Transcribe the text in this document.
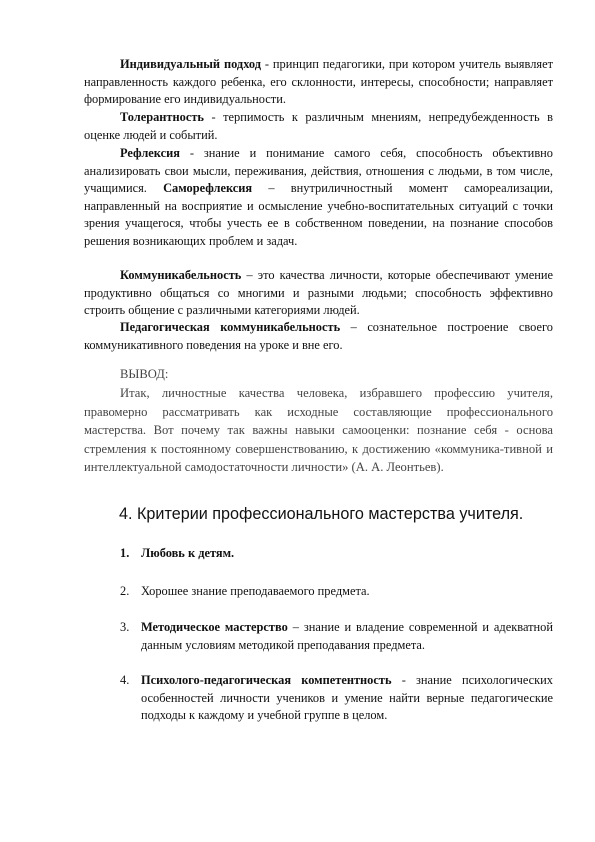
Индивидуальный подход - принцип педагогики, при котором учитель выявляет направленность каждого ребенка, его склонности, интересы, способности; направляет формирование его индивидуальности.
Толерантность - терпимость к различным мнениям, непредубежденность в оценке людей и событий.
Рефлексия - знание и понимание самого себя, способность объективно анализировать свои мысли, переживания, действия, отношения с людьми, в том числе, учащимися. Саморефлексия – внутриличностный момент самореализации, направленный на восприятие и осмысление учебно-воспитательных ситуаций с точки зрения учащегося, чтобы учесть ее в собственном поведении, на познание способов решения возникающих проблем и задач.
Коммуникабельность – это качества личности, которые обеспечивают умение продуктивно общаться со многими и разными людьми; способность эффективно строить общение с различными категориями людей.
Педагогическая коммуникабельность – сознательное построение своего коммуникативного поведения на уроке и вне его.
ВЫВОД:
Итак, личностные качества человека, избравшего профессию учителя, правомерно рассматривать как исходные составляющие профессионального мастерства. Вот почему так важны навыки самооценки: познание себя - основа стремления к постоянному совершенствованию, к достижению «коммуника-тивной и интеллектуальной самодостаточности личности» (А. А. Леонтьев).
4. Критерии профессионального мастерства учителя.
1. Любовь к детям.
2. Хорошее знание преподаваемого предмета.
3. Методическое мастерство – знание и владение современной и адекватной данным условиям методикой преподавания предмета.
4. Психолого-педагогическая компетентность - знание психологических особенностей личности учеников и умение найти верные педагогические подходы к каждому и учебной группе в целом.
